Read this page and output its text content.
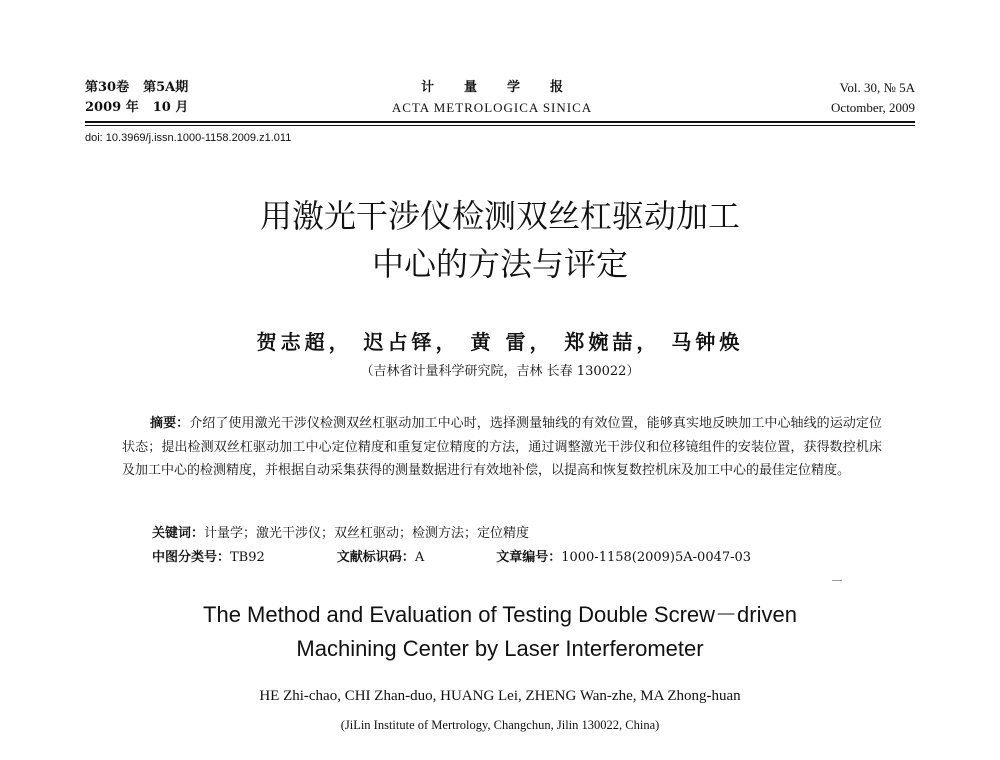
第30卷 第5A期
2009 年 10 月
计量学报
ACTA METROLOGICA SINICA
Vol. 30, № 5A
Octomber, 2009
doi: 10.3969/j.issn.1000-1158.2009.z1.011
用激光干涉仪检测双丝杠驱动加工
中心的方法与评定
贺志超， 迟占铎， 黄 雷， 郑婉喆， 马钟焕
（吉林省计量科学研究院，吉林 长春 130022）

摘要：介绍了使用激光干涉仪检测双丝杠驱动加工中心时，选择测量轴线的有效位置，能够真实地反映加工中心轴线的运动定位状态；提出检测双丝杠驱动加工中心定位精度和重复定位精度的方法，通过调整激光干涉仪和位移镜组件的安装位置，获得数控机床及加工中心的检测精度，并根据自动采集获得的测量数据进行有效地补偿，以提高和恢复数控机床及加工中心的最佳定位精度。

关键词：计量学；激光干涉仪；双丝杠驱动；检测方法；定位精度
中图分类号：TB92	文献标识码：A	文章编号：1000-1158(2009)5A-0047-03
The Method and Evaluation of Testing Double Screw－driven
Machining Center by Laser Interferometer
HE Zhi-chao, CHI Zhan-duo, HUANG Lei, ZHENG Wan-zhe, MA Zhong-huan
(JiLin Institute of Mertrology, Changchun, Jilin 130022, China)
